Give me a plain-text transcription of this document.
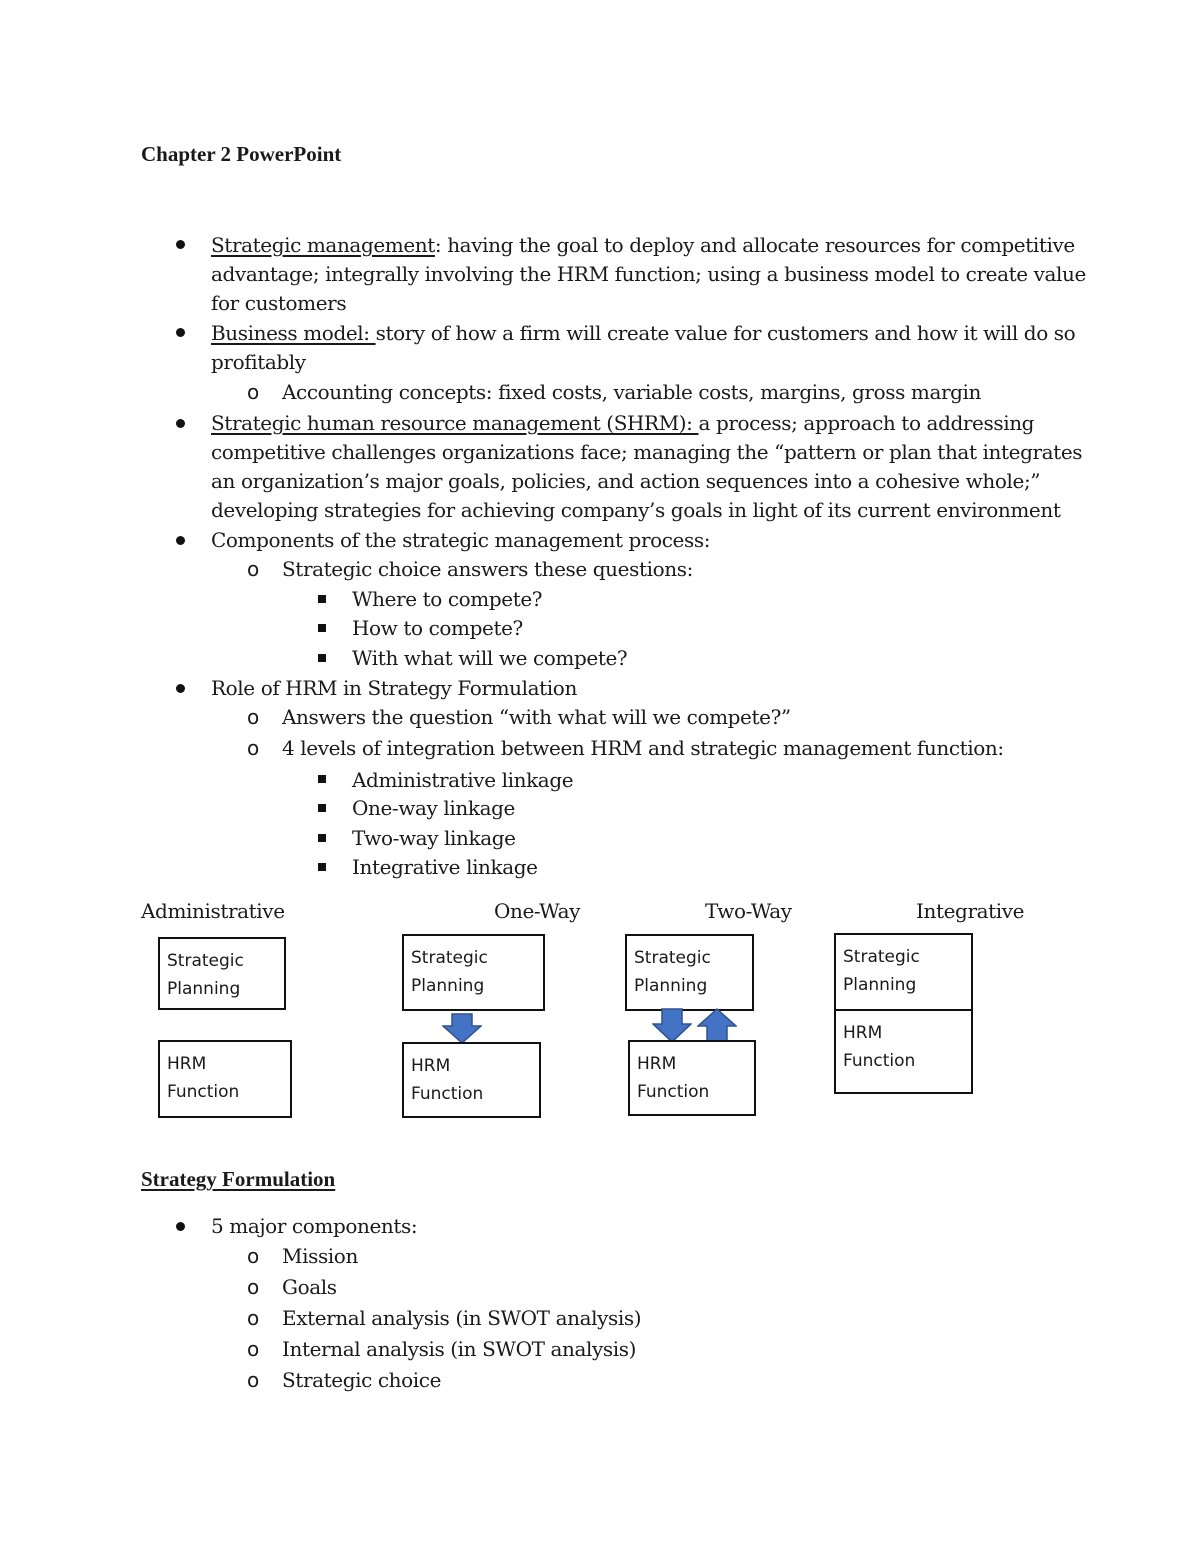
Chapter 2 PowerPoint
Strategic management: having the goal to deploy and allocate resources for competitive
advantage; integrally involving the HRM function; using a business model to create value
for customers
Business model: story of how a firm will create value for customers and how it will do so
profitably
o Accounting concepts: fixed costs, variable costs, margins, gross margin
Strategic human resource management (SHRM): a process; approach to addressing
competitive challenges organizations face; managing the “pattern or plan that integrates
an organization’s major goals, policies, and action sequences into a cohesive whole;”
developing strategies for achieving company’s goals in light of its current environment
Components of the strategic management process:
o Strategic choice answers these questions:
Where to compete?
How to compete?
With what will we compete?
Role of HRM in Strategy Formulation
o Answers the question “with what will we compete?”
o 4 levels of integration between HRM and strategic management function:
Administrative linkage
One-way linkage
Two-way linkage
Integrative linkage
Administrative	One-Way	Two-Way	Integrative
Strategic
Planning
HRM
Function
Strategic
Planning
HRM
Function
Strategic
Planning
HRM
Function
Strategic
Planning
HRM
Function
Strategy Formulation
5 major components:
o Mission
o Goals
o External analysis (in SWOT analysis)
o Internal analysis (in SWOT analysis)
o Strategic choice
